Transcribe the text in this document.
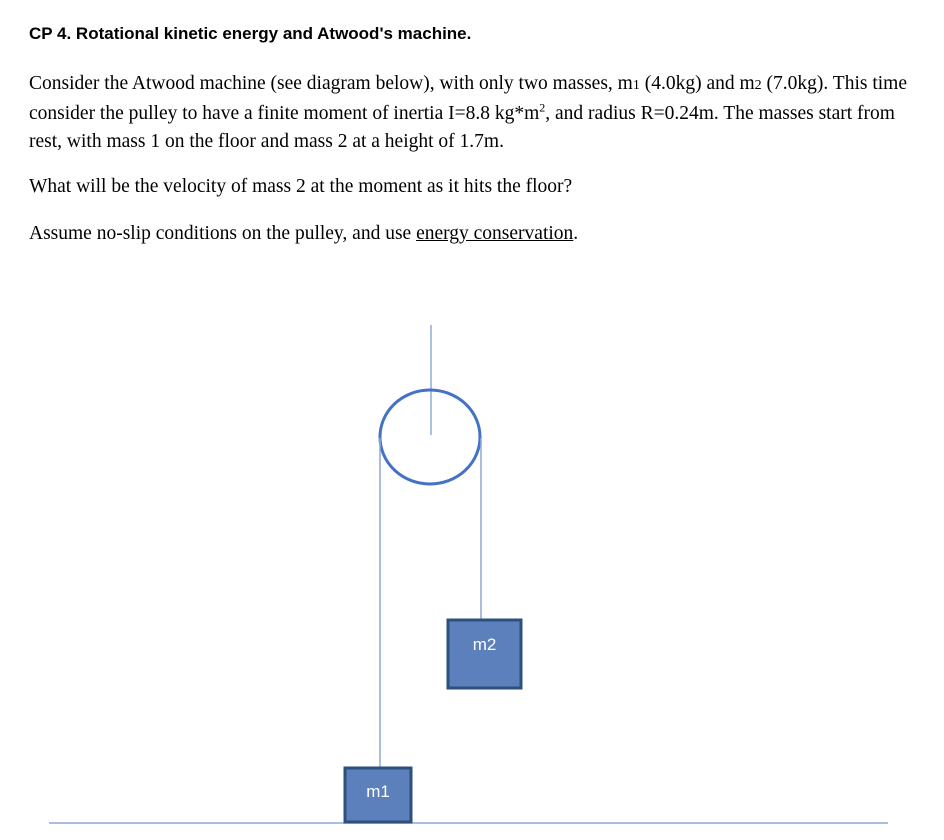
CP 4. Rotational kinetic energy and Atwood's machine.

Consider the Atwood machine (see diagram below), with only two masses, m1 (4.0kg) and m2 (7.0kg). This time consider the pulley to have a finite moment of inertia I=8.8 $kg*m^2$, and radius R=0.24m. The masses start from rest, with mass 1 on the floor and mass 2 at a height of 1.7m.

What will be the velocity of mass 2 at the moment as it hits the floor?

Assume no-slip conditions on the pulley, and use energy conservation.

m2
m1
